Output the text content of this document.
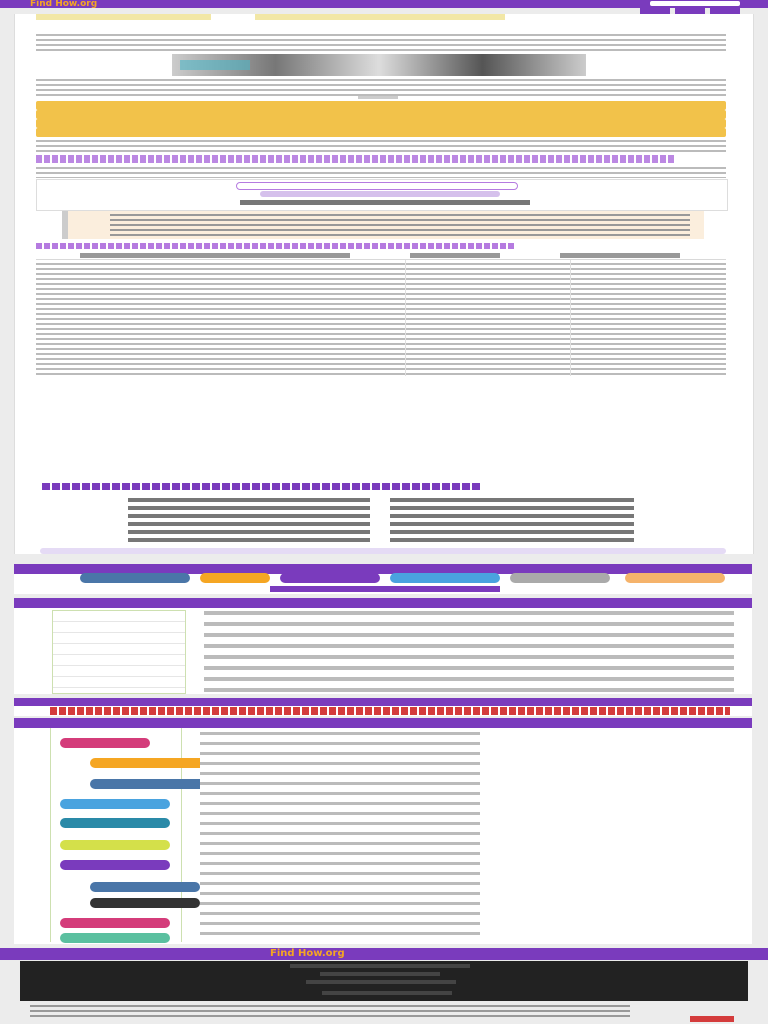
Find How.org
Find How.org
